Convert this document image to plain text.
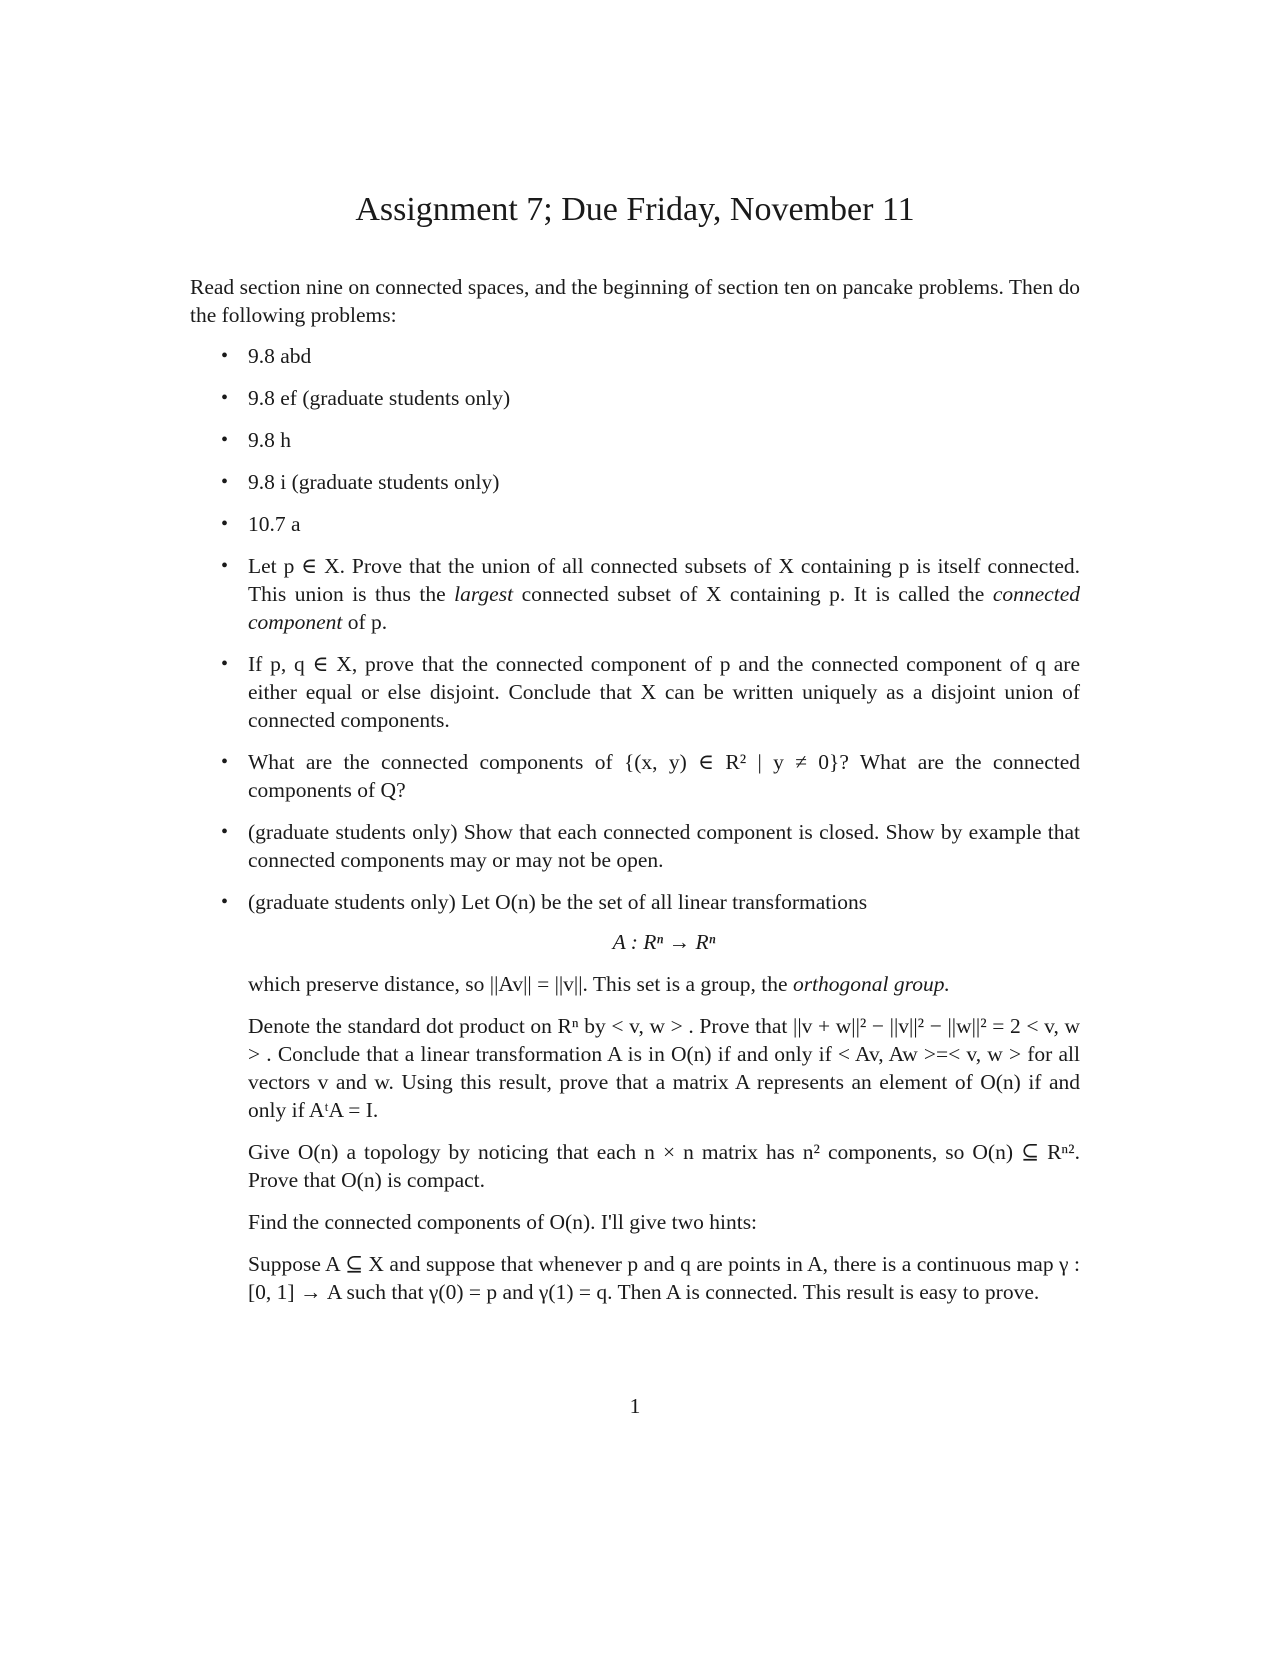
Assignment 7; Due Friday, November 11
Read section nine on connected spaces, and the beginning of section ten on pancake problems. Then do the following problems:
• 9.8 abd
• 9.8 ef (graduate students only)
• 9.8 h
• 9.8 i (graduate students only)
• 10.7 a
• Let p ∈ X. Prove that the union of all connected subsets of X containing p is itself connected. This union is thus the largest connected subset of X containing p. It is called the connected component of p.
• If p, q ∈ X, prove that the connected component of p and the connected component of q are either equal or else disjoint. Conclude that X can be written uniquely as a disjoint union of connected components.
• What are the connected components of {(x, y) ∈ R² | y ≠ 0}? What are the connected components of Q?
• (graduate students only) Show that each connected component is closed. Show by example that connected components may or may not be open.
• (graduate students only) Let O(n) be the set of all linear transformations
A : Rⁿ → Rⁿ
which preserve distance, so ||Av|| = ||v||. This set is a group, the orthogonal group.
Denote the standard dot product on Rⁿ by < v, w > . Prove that ||v + w||² − ||v||² − ||w||² = 2 < v, w > . Conclude that a linear transformation A is in O(n) if and only if < Av, Aw >=< v, w > for all vectors v and w. Using this result, prove that a matrix A represents an element of O(n) if and only if AᵗA = I.
Give O(n) a topology by noticing that each n × n matrix has n² components, so O(n) ⊆ Rⁿ². Prove that O(n) is compact.
Find the connected components of O(n). I'll give two hints:
Suppose A ⊆ X and suppose that whenever p and q are points in A, there is a continuous map γ : [0, 1] → A such that γ(0) = p and γ(1) = q. Then A is connected. This result is easy to prove.
1
